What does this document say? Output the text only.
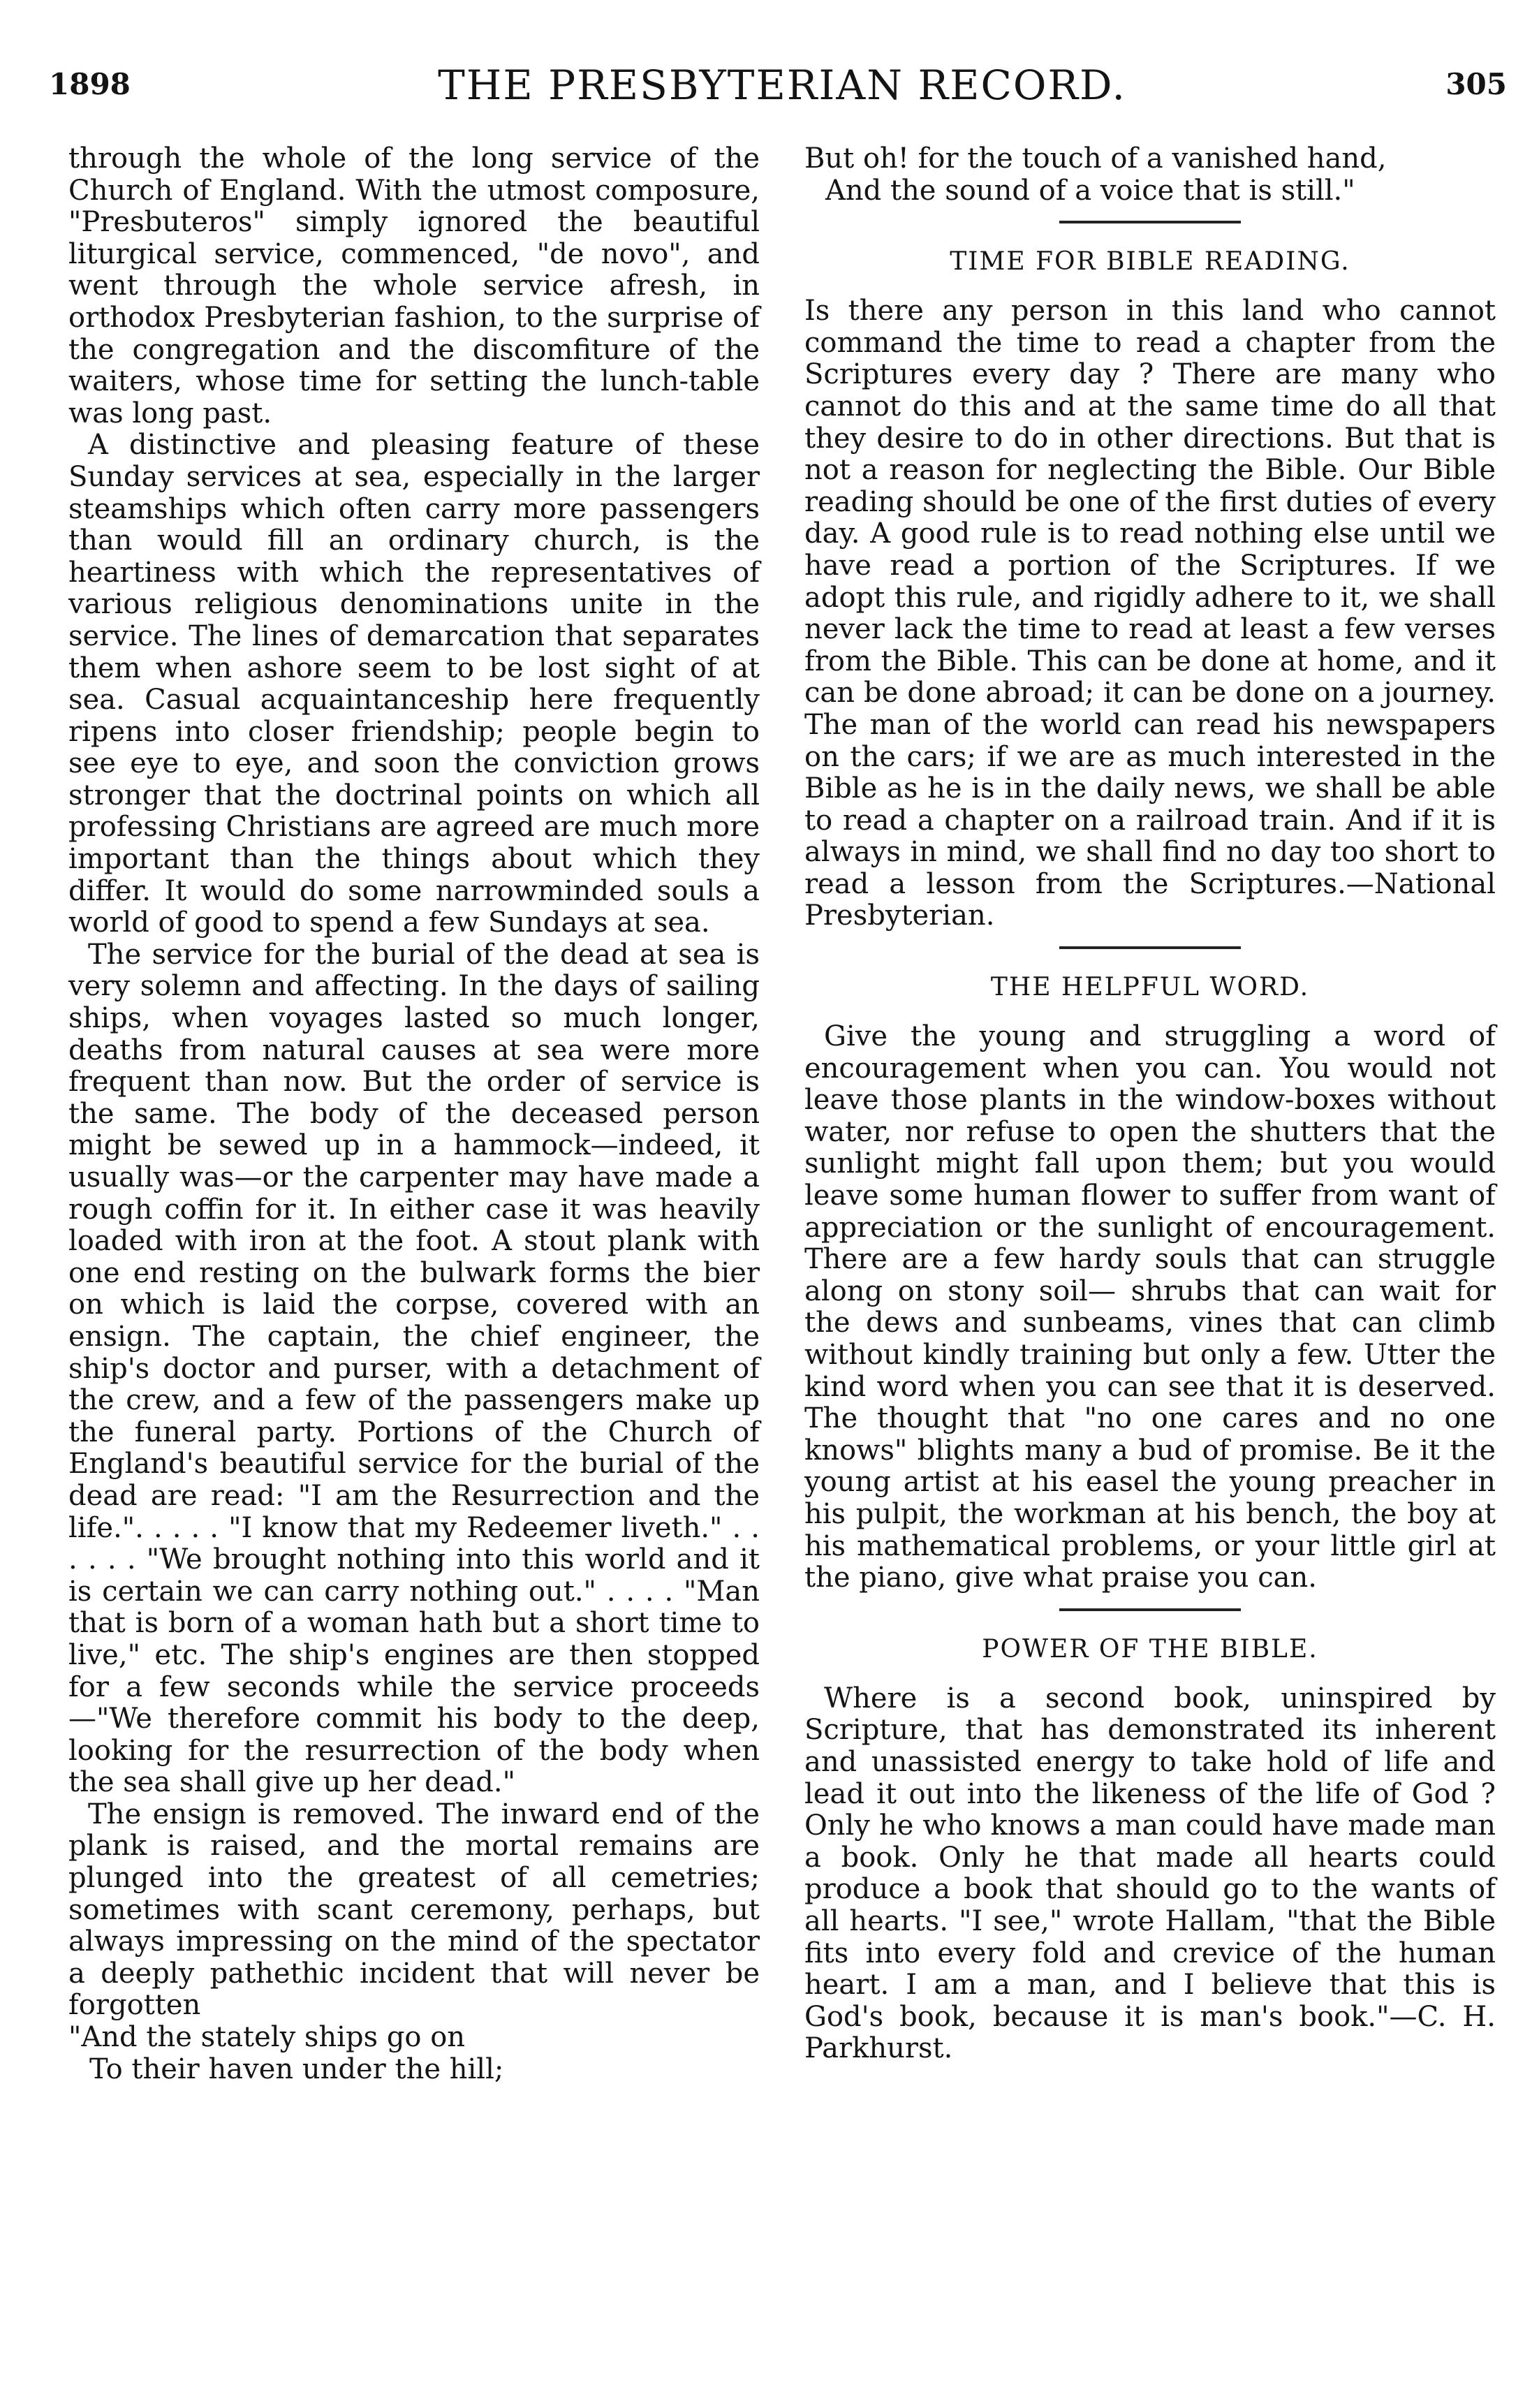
1898	THE PRESBYTERIAN RECORD.	305

through the whole of the long service of the Church of England. With the utmost composure, "Presbuteros" simply ignored the beautiful liturgical service, commenced, "de novo", and went through the whole service afresh, in orthodox Presbyterian fashion, to the surprise of the congregation and the discomfiture of the waiters, whose time for setting the lunch-table was long past.

A distinctive and pleasing feature of these Sunday services at sea, especially in the larger steamships which often carry more passengers than would fill an ordinary church, is the heartiness with which the representatives of various religious denominations unite in the service. The lines of demarcation that separates them when ashore seem to be lost sight of at sea. Casual acquaintanceship here frequently ripens into closer friendship; people begin to see eye to eye, and soon the conviction grows stronger that the doctrinal points on which all professing Christians are agreed are much more important than the things about which they differ. It would do some narrowminded souls a world of good to spend a few Sundays at sea.

The service for the burial of the dead at sea is very solemn and affecting. In the days of sailing ships, when voyages lasted so much longer, deaths from natural causes at sea were more frequent than now. But the order of service is the same. The body of the deceased person might be sewed up in a hammock—indeed, it usually was—or the carpenter may have made a rough coffin for it. In either case it was heavily loaded with iron at the foot. A stout plank with one end resting on the bulwark forms the bier on which is laid the corpse, covered with an ensign. The captain, the chief engineer, the ship's doctor and purser, with a detachment of the crew, and a few of the passengers make up the funeral party. Portions of the Church of England's beautiful service for the burial of the dead are read: "I am the Resurrection and the life.". . . . . "I know that my Redeemer liveth." . . . . . . "We brought nothing into this world and it is certain we can carry nothing out." . . . . "Man that is born of a woman hath but a short time to live," etc. The ship's engines are then stopped for a few seconds while the service proceeds—"We therefore commit his body to the deep, looking for the resurrection of the body when the sea shall give up her dead."

The ensign is removed. The inward end of the plank is raised, and the mortal remains are plunged into the greatest of all cemetries; sometimes with scant ceremony, perhaps, but always impressing on the mind of the spectator a deeply pathethic incident that will never be forgotten

"And the stately ships go on
To their haven under the hill;
But oh! for the touch of a vanished hand,
And the sound of a voice that is still."
TIME FOR BIBLE READING.

Is there any person in this land who cannot command the time to read a chapter from the Scriptures every day ? There are many who cannot do this and at the same time do all that they desire to do in other directions. But that is not a reason for neglecting the Bible. Our Bible reading should be one of the first duties of every day. A good rule is to read nothing else until we have read a portion of the Scriptures. If we adopt this rule, and rigidly adhere to it, we shall never lack the time to read at least a few verses from the Bible. This can be done at home, and it can be done abroad; it can be done on a journey. The man of the world can read his newspapers on the cars; if we are as much interested in the Bible as he is in the daily news, we shall be able to read a chapter on a railroad train. And if it is always in mind, we shall find no day too short to read a lesson from the Scriptures.—National Presbyterian.

THE HELPFUL WORD.

Give the young and struggling a word of encouragement when you can. You would not leave those plants in the window-boxes without water, nor refuse to open the shutters that the sunlight might fall upon them; but you would leave some human flower to suffer from want of appreciation or the sunlight of encouragement. There are a few hardy souls that can struggle along on stony soil— shrubs that can wait for the dews and sunbeams, vines that can climb without kindly training but only a few. Utter the kind word when you can see that it is deserved. The thought that "no one cares and no one knows" blights many a bud of promise. Be it the young artist at his easel the young preacher in his pulpit, the workman at his bench, the boy at his mathematical problems, or your little girl at the piano, give what praise you can.

POWER OF THE BIBLE.

Where is a second book, uninspired by Scripture, that has demonstrated its inherent and unassisted energy to take hold of life and lead it out into the likeness of the life of God ? Only he who knows a man could have made man a book. Only he that made all hearts could produce a book that should go to the wants of all hearts. "I see," wrote Hallam, "that the Bible fits into every fold and crevice of the human heart. I am a man, and I believe that this is God's book, because it is man's book."—C. H. Parkhurst.
